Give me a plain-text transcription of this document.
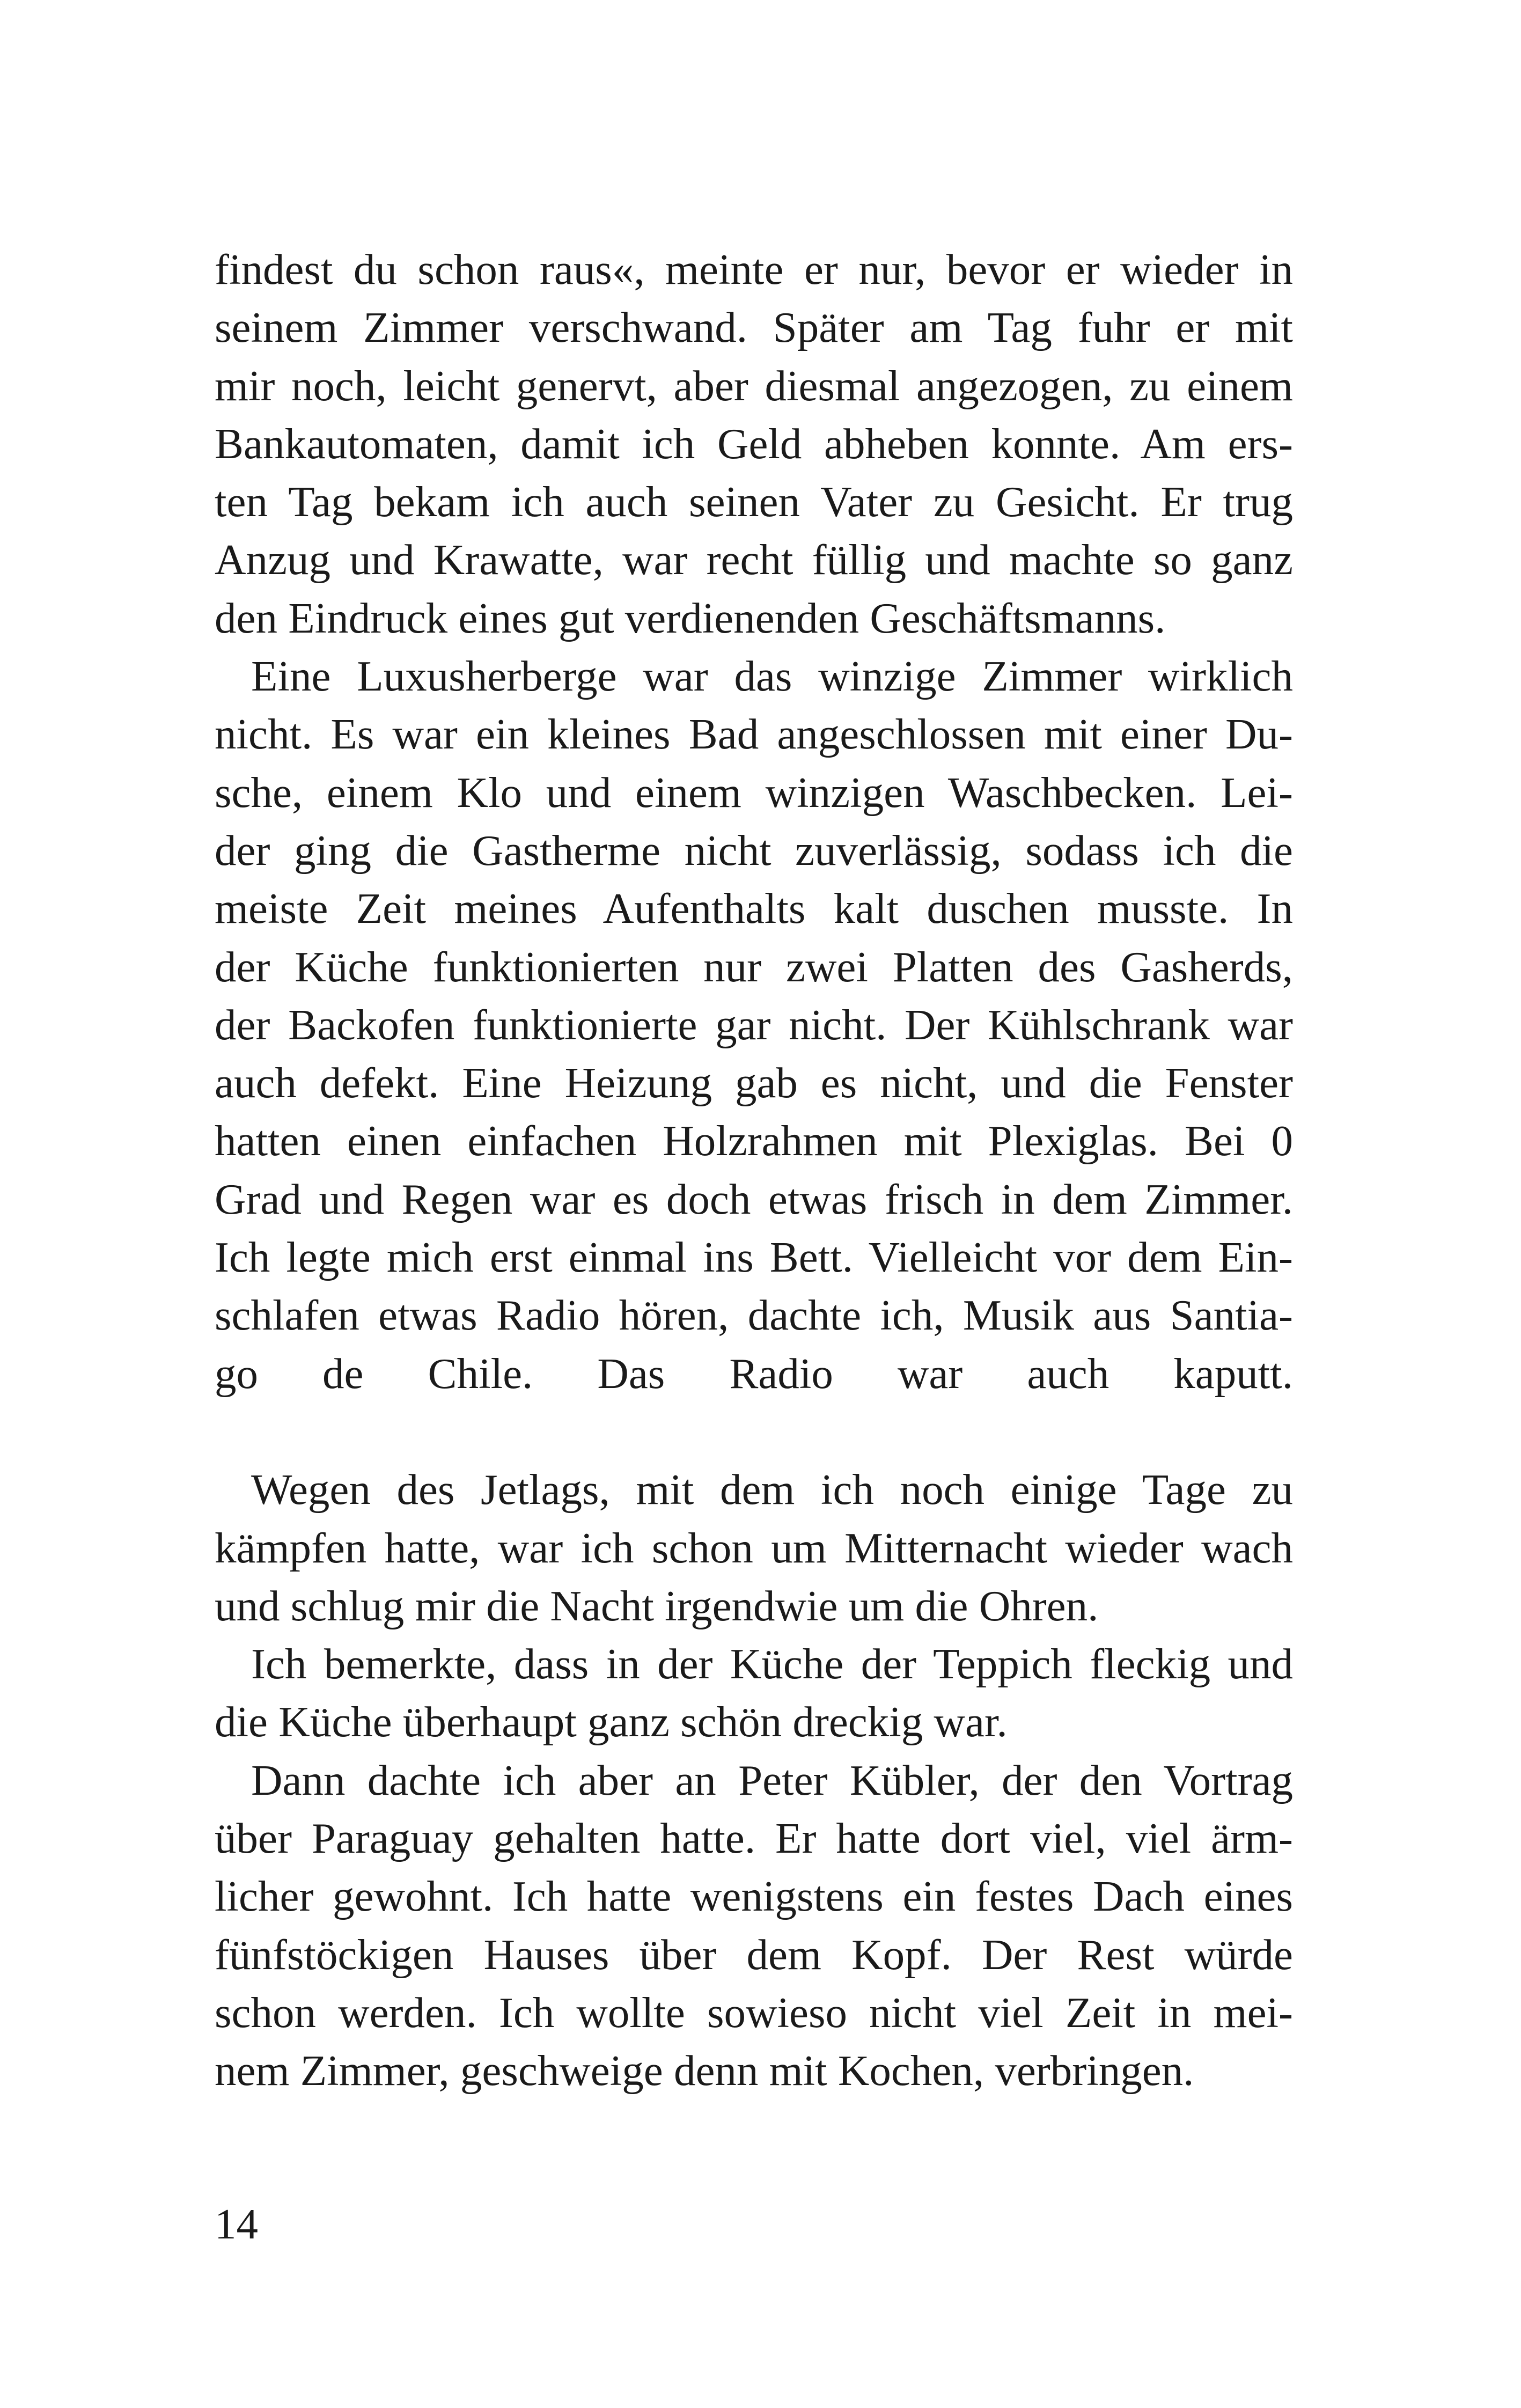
findest du schon raus«, meinte er nur, bevor er wieder in
seinem Zimmer verschwand. Später am Tag fuhr er mit
mir noch, leicht genervt, aber diesmal angezogen, zu einem
Bankautomaten, damit ich Geld abheben konnte. Am ers-
ten Tag bekam ich auch seinen Vater zu Gesicht. Er trug
Anzug und Krawatte, war recht füllig und machte so ganz
den Eindruck eines gut verdienenden Geschäftsmanns.
Eine Luxusherberge war das winzige Zimmer wirklich
nicht. Es war ein kleines Bad angeschlossen mit einer Du-
sche, einem Klo und einem winzigen Waschbecken. Lei-
der ging die Gastherme nicht zuverlässig, sodass ich die
meiste Zeit meines Aufenthalts kalt duschen musste. In
der Küche funktionierten nur zwei Platten des Gasherds,
der Backofen funktionierte gar nicht. Der Kühlschrank war
auch defekt. Eine Heizung gab es nicht, und die Fenster
hatten einen einfachen Holzrahmen mit Plexiglas. Bei 0
Grad und Regen war es doch etwas frisch in dem Zimmer.
Ich legte mich erst einmal ins Bett. Vielleicht vor dem Ein-
schlafen etwas Radio hören, dachte ich, Musik aus Santia-
go de Chile. Das Radio war auch kaputt.
Wegen des Jetlags, mit dem ich noch einige Tage zu
kämpfen hatte, war ich schon um Mitternacht wieder wach
und schlug mir die Nacht irgendwie um die Ohren.
Ich bemerkte, dass in der Küche der Teppich fleckig und
die Küche überhaupt ganz schön dreckig war.
Dann dachte ich aber an Peter Kübler, der den Vortrag
über Paraguay gehalten hatte. Er hatte dort viel, viel ärm-
licher gewohnt. Ich hatte wenigstens ein festes Dach eines
fünfstöckigen Hauses über dem Kopf. Der Rest würde
schon werden. Ich wollte sowieso nicht viel Zeit in mei-
nem Zimmer, geschweige denn mit Kochen, verbringen.
14
